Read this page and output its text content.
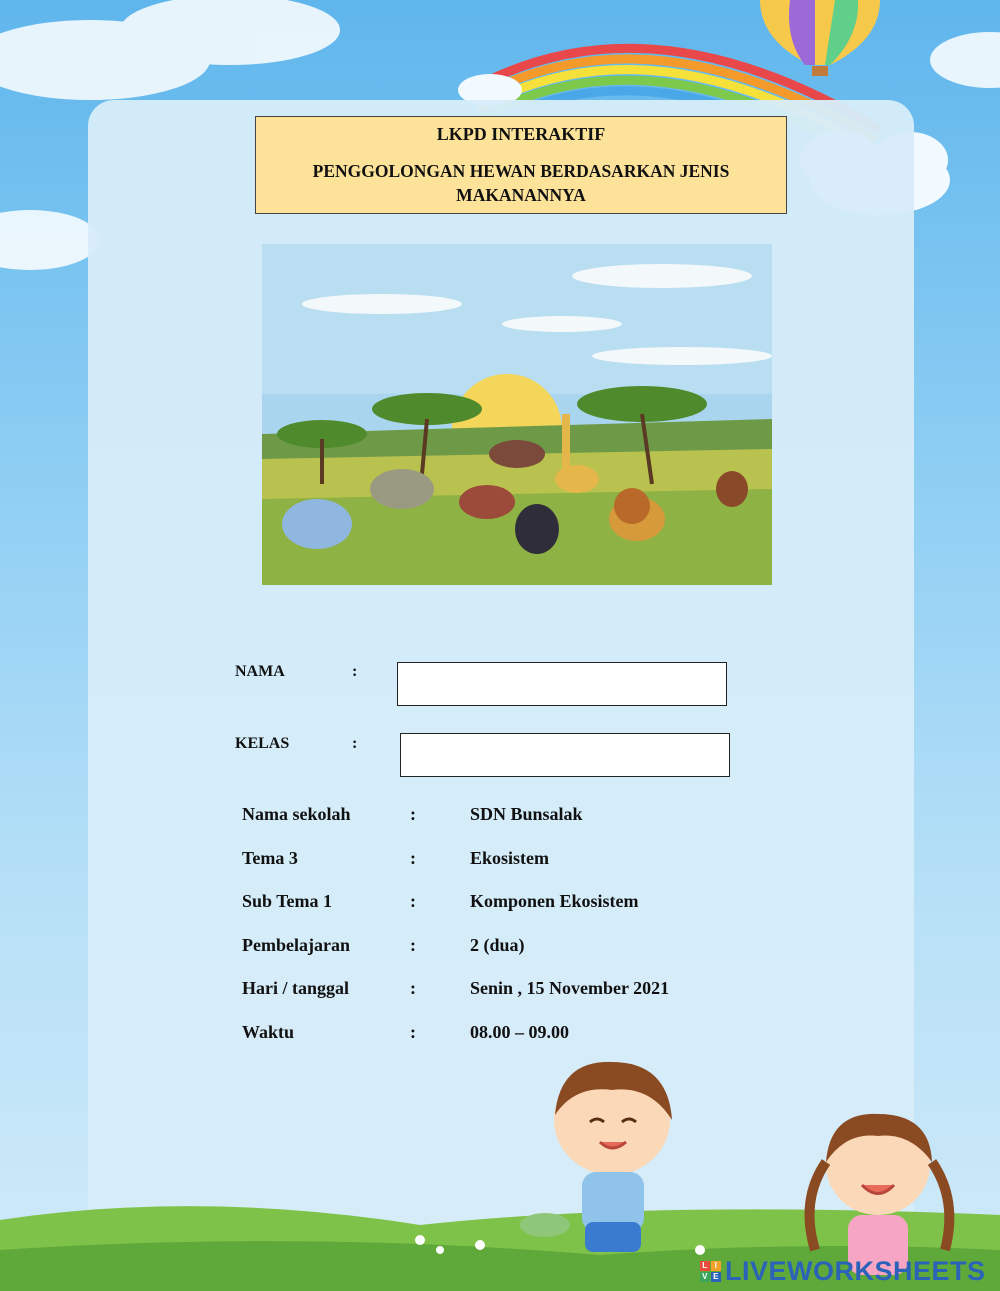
LKPD INTERAKTIF
PENGGOLONGAN HEWAN BERDASARKAN JENIS MAKANANNYA
NAMA	:
KELAS	:
Nama sekolah	:	SDN Bunsalak
Tema 3	:	Ekosistem
Sub Tema 1	:	Komponen Ekosistem
Pembelajaran	:	2 (dua)
Hari / tanggal	:	Senin , 15 November 2021
Waktu	:	08.00 – 09.00
L I
V E LIVEWORKSHEETS
